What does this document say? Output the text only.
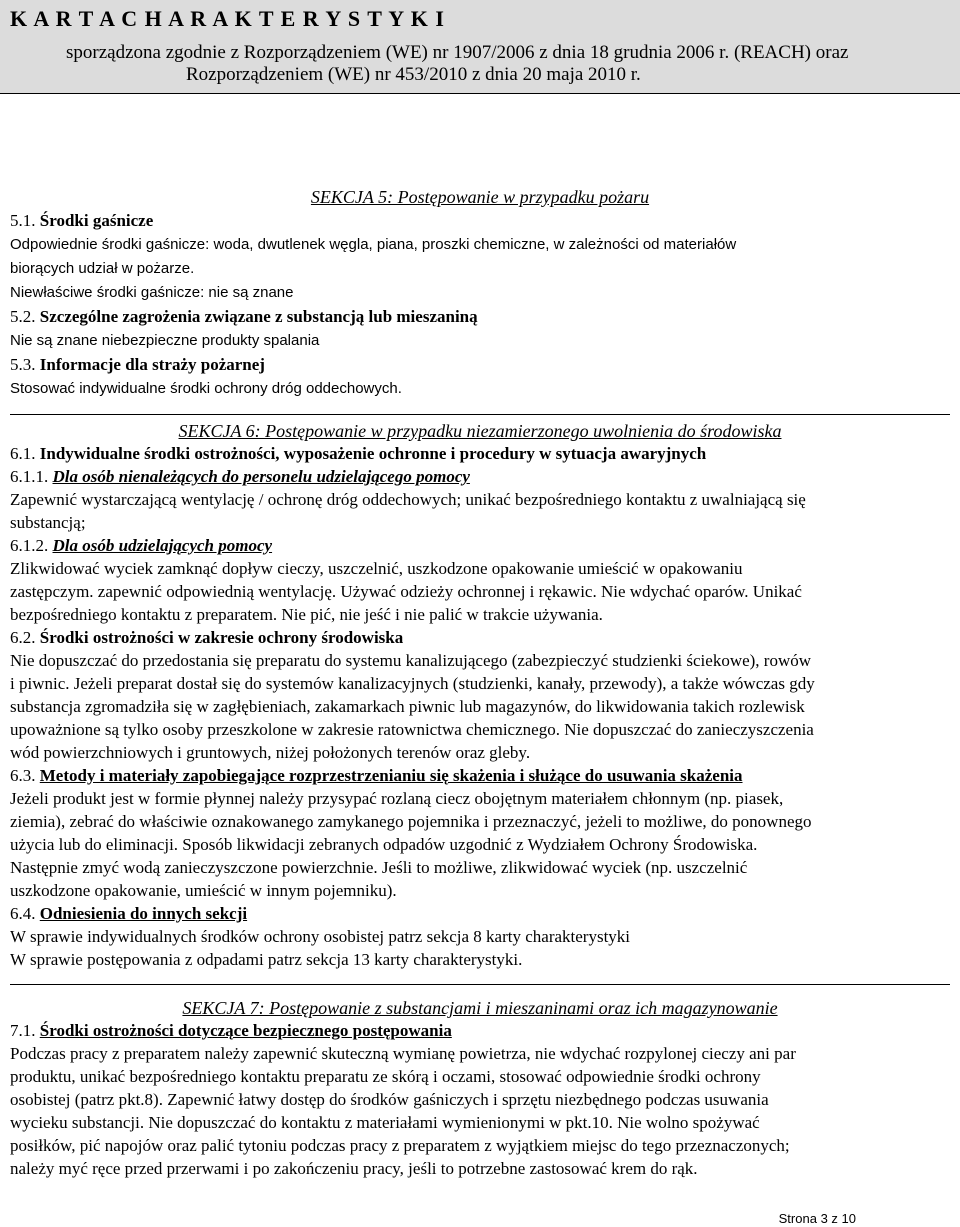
K A R T A C H A R A K T E R Y S T Y K I
sporządzona zgodnie z Rozporządzeniem (WE) nr 1907/2006 z dnia 18 grudnia 2006 r. (REACH) oraz
Rozporządzeniem (WE) nr 453/2010 z dnia 20 maja 2010 r.
SEKCJA 5: Postępowanie w przypadku pożaru
5.1. Środki gaśnicze
Odpowiednie środki gaśnicze: woda, dwutlenek węgla, piana, proszki chemiczne, w zależności od materiałów
biorących udział w pożarze.
Niewłaściwe środki gaśnicze: nie są znane
5.2. Szczególne zagrożenia związane z substancją lub mieszaniną
Nie są znane niebezpieczne produkty spalania
5.3. Informacje dla straży pożarnej
Stosować indywidualne środki ochrony dróg oddechowych.
SEKCJA 6: Postępowanie w przypadku niezamierzonego uwolnienia do środowiska
6.1. Indywidualne środki ostrożności, wyposażenie ochronne i procedury w sytuacja awaryjnych
6.1.1. Dla osób nienależących do personelu udzielającego pomocy
Zapewnić wystarczającą wentylację / ochronę dróg oddechowych; unikać bezpośredniego kontaktu z uwalniającą się
substancją;
6.1.2. Dla osób udzielających pomocy
Zlikwidować wyciek zamknąć dopływ cieczy, uszczelnić, uszkodzone opakowanie umieścić w opakowaniu
zastępczym. zapewnić odpowiednią wentylację. Używać odzieży ochronnej i rękawic. Nie wdychać oparów. Unikać
bezpośredniego kontaktu z preparatem. Nie pić, nie jeść i nie palić w trakcie używania.
6.2. Środki ostrożności w zakresie ochrony środowiska
Nie dopuszczać do przedostania się preparatu do systemu kanalizującego (zabezpieczyć studzienki ściekowe), rowów
i piwnic. Jeżeli preparat dostał się do systemów kanalizacyjnych (studzienki, kanały, przewody), a także wówczas gdy
substancja zgromadziła się w zagłębieniach, zakamarkach piwnic lub magazynów, do likwidowania takich rozlewisk
upoważnione są tylko osoby przeszkolone w zakresie ratownictwa chemicznego. Nie dopuszczać do zanieczyszczenia
wód powierzchniowych i gruntowych, niżej położonych terenów oraz gleby.
6.3. Metody i materiały zapobiegające rozprzestrzenianiu się skażenia i służące do usuwania skażenia
Jeżeli produkt jest w formie płynnej należy przysypać rozlaną ciecz obojętnym materiałem chłonnym (np. piasek,
ziemia), zebrać do właściwie oznakowanego zamykanego pojemnika i przeznaczyć, jeżeli to możliwe, do ponownego
użycia lub do eliminacji. Sposób likwidacji zebranych odpadów uzgodnić z Wydziałem Ochrony Środowiska.
Następnie zmyć wodą zanieczyszczone powierzchnie. Jeśli to możliwe, zlikwidować wyciek (np. uszczelnić
uszkodzone opakowanie, umieścić w innym pojemniku).
6.4. Odniesienia do innych sekcji
W sprawie indywidualnych środków ochrony osobistej patrz sekcja 8 karty charakterystyki
W sprawie postępowania z odpadami patrz sekcja 13 karty charakterystyki.
SEKCJA 7: Postępowanie z substancjami i mieszaninami oraz ich magazynowanie
7.1. Środki ostrożności dotyczące bezpiecznego postępowania
Podczas pracy z preparatem należy zapewnić skuteczną wymianę powietrza, nie wdychać rozpylonej cieczy ani par
produktu, unikać bezpośredniego kontaktu preparatu ze skórą i oczami, stosować odpowiednie środki ochrony
osobistej (patrz pkt.8). Zapewnić łatwy dostęp do środków gaśniczych i sprzętu niezbędnego podczas usuwania
wycieku substancji. Nie dopuszczać do kontaktu z materiałami wymienionymi w pkt.10. Nie wolno spożywać
posiłków, pić napojów oraz palić tytoniu podczas pracy z preparatem z wyjątkiem miejsc do tego przeznaczonych;
należy myć ręce przed przerwami i po zakończeniu pracy, jeśli to potrzebne zastosować krem do rąk.
Strona 3 z 10
